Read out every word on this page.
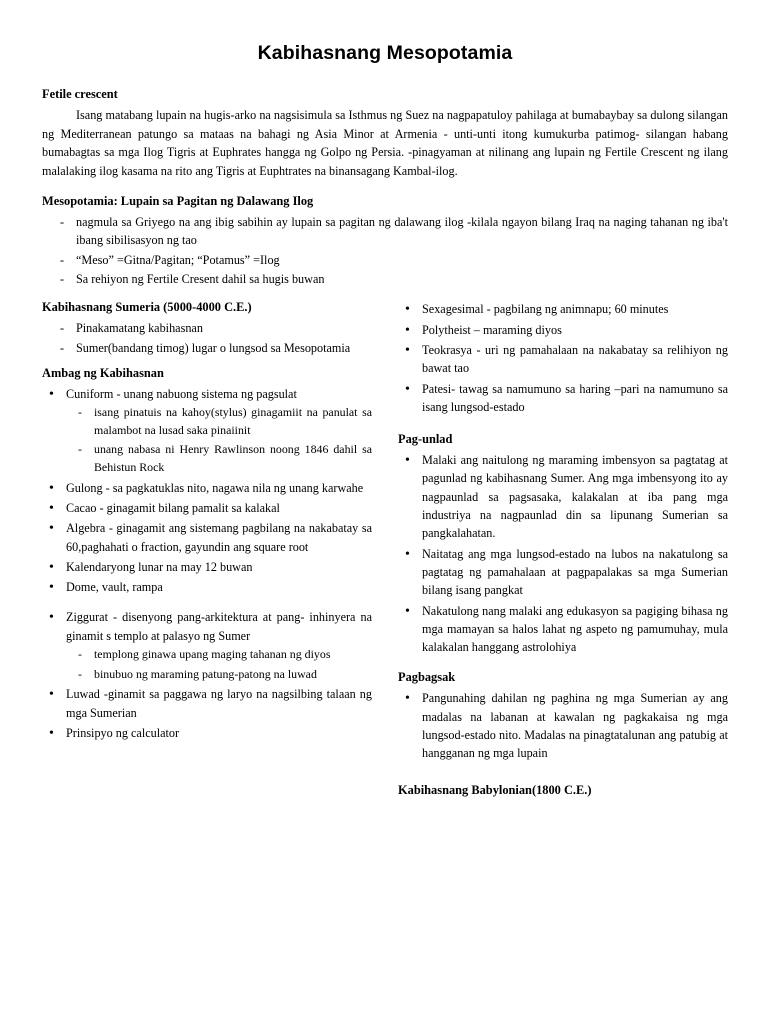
Kabihasnang Mesopotamia
Fetile crescent
Isang matabang lupain na hugis-arko na nagsisimula sa Isthmus ng Suez na nagpapatuloy pahilaga at bumabaybay sa dulong silangan ng Mediterranean patungo sa mataas na bahagi ng Asia Minor at Armenia - unti-unti itong kumukurba patimog- silangan habang bumabagtas sa mga Ilog Tigris at Euphrates hangga ng Golpo ng Persia. -pinagyaman at nilinang ang lupain ng Fertile Crescent ng ilang malalaking ilog kasama na rito ang Tigris at Euphtrates na binansagang Kambal-ilog.
Mesopotamia: Lupain sa Pagitan ng Dalawang Ilog
- nagmula sa Griyego na ang ibig sabihin ay lupain sa pagitan ng dalawang ilog -kilala ngayon bilang Iraq na naging tahanan ng iba't ibang sibilisasyon ng tao
- “Meso” =Gitna/Pagitan; “Potamus” =Ilog
- Sa rehiyon ng Fertile Cresent dahil sa hugis buwan
Kabihasnang Sumeria (5000-4000 C.E.)
- Pinakamatang kabihasnan
- Sumer(bandang timog) lugar o lungsod sa Mesopotamia
Ambag ng Kabihasnan
• Cuniform - unang nabuong sistema ng pagsulat
- isang pinatuis na kahoy(stylus) ginagamiit na panulat sa malambot na lusad saka pinaiinit
- unang nabasa ni Henry Rawlinson noong 1846 dahil sa Behistun Rock
• Gulong - sa pagkatuklas nito, nagawa nila ng unang karwahe
• Cacao - ginagamit bilang pamalit sa kalakal
• Algebra - ginagamit ang sistemang pagbilang na nakabatay sa 60,paghahati o fraction, gayundin ang square root
• Kalendaryong lunar na may 12 buwan
• Dome, vault, rampa
• Ziggurat - disenyong pang-arkitektura at pang- inhinyera na ginamit s templo at palasyo ng Sumer
- templong ginawa upang maging tahanan ng diyos
- binubuo ng maraming patung-patong na luwad
• Luwad -ginamit sa paggawa ng laryo na nagsilbing talaan ng mga Sumerian
• Prinsipyo ng calculator
• Sexagesimal - pagbilang ng animnapu; 60 minutes
• Polytheist – maraming diyos
• Teokrasya - uri ng pamahalaan na nakabatay sa relihiyon ng bawat tao
• Patesi- tawag sa namumuno sa haring –pari na namumuno sa isang lungsod-estado
Pag-unlad
• Malaki ang naitulong ng maraming imbensyon sa pagtatag at pagunlad ng kabihasnang Sumer. Ang mga imbensyong ito ay nagpaunlad sa pagsasaka, kalakalan at iba pang mga industriya na nagpaunlad din sa lipunang Sumerian sa pangkalahatan.
• Naitatag ang mga lungsod-estado na lubos na nakatulong sa pagtatag ng pamahalaan at pagpapalakas sa mga Sumerian bilang isang pangkat
• Nakatulong nang malaki ang edukasyon sa pagiging bihasa ng mga mamayan sa halos lahat ng aspeto ng pamumuhay, mula kalakalan hanggang astrolohiya
Pagbagsak
• Pangunahing dahilan ng paghina ng mga Sumerian ay ang madalas na labanan at kawalan ng pagkakaisa ng mga lungsod-estado nito. Madalas na pinagtatalunan ang patubig at hangganan ng mga lupain
Kabihasnang Babylonian(1800 C.E.)
